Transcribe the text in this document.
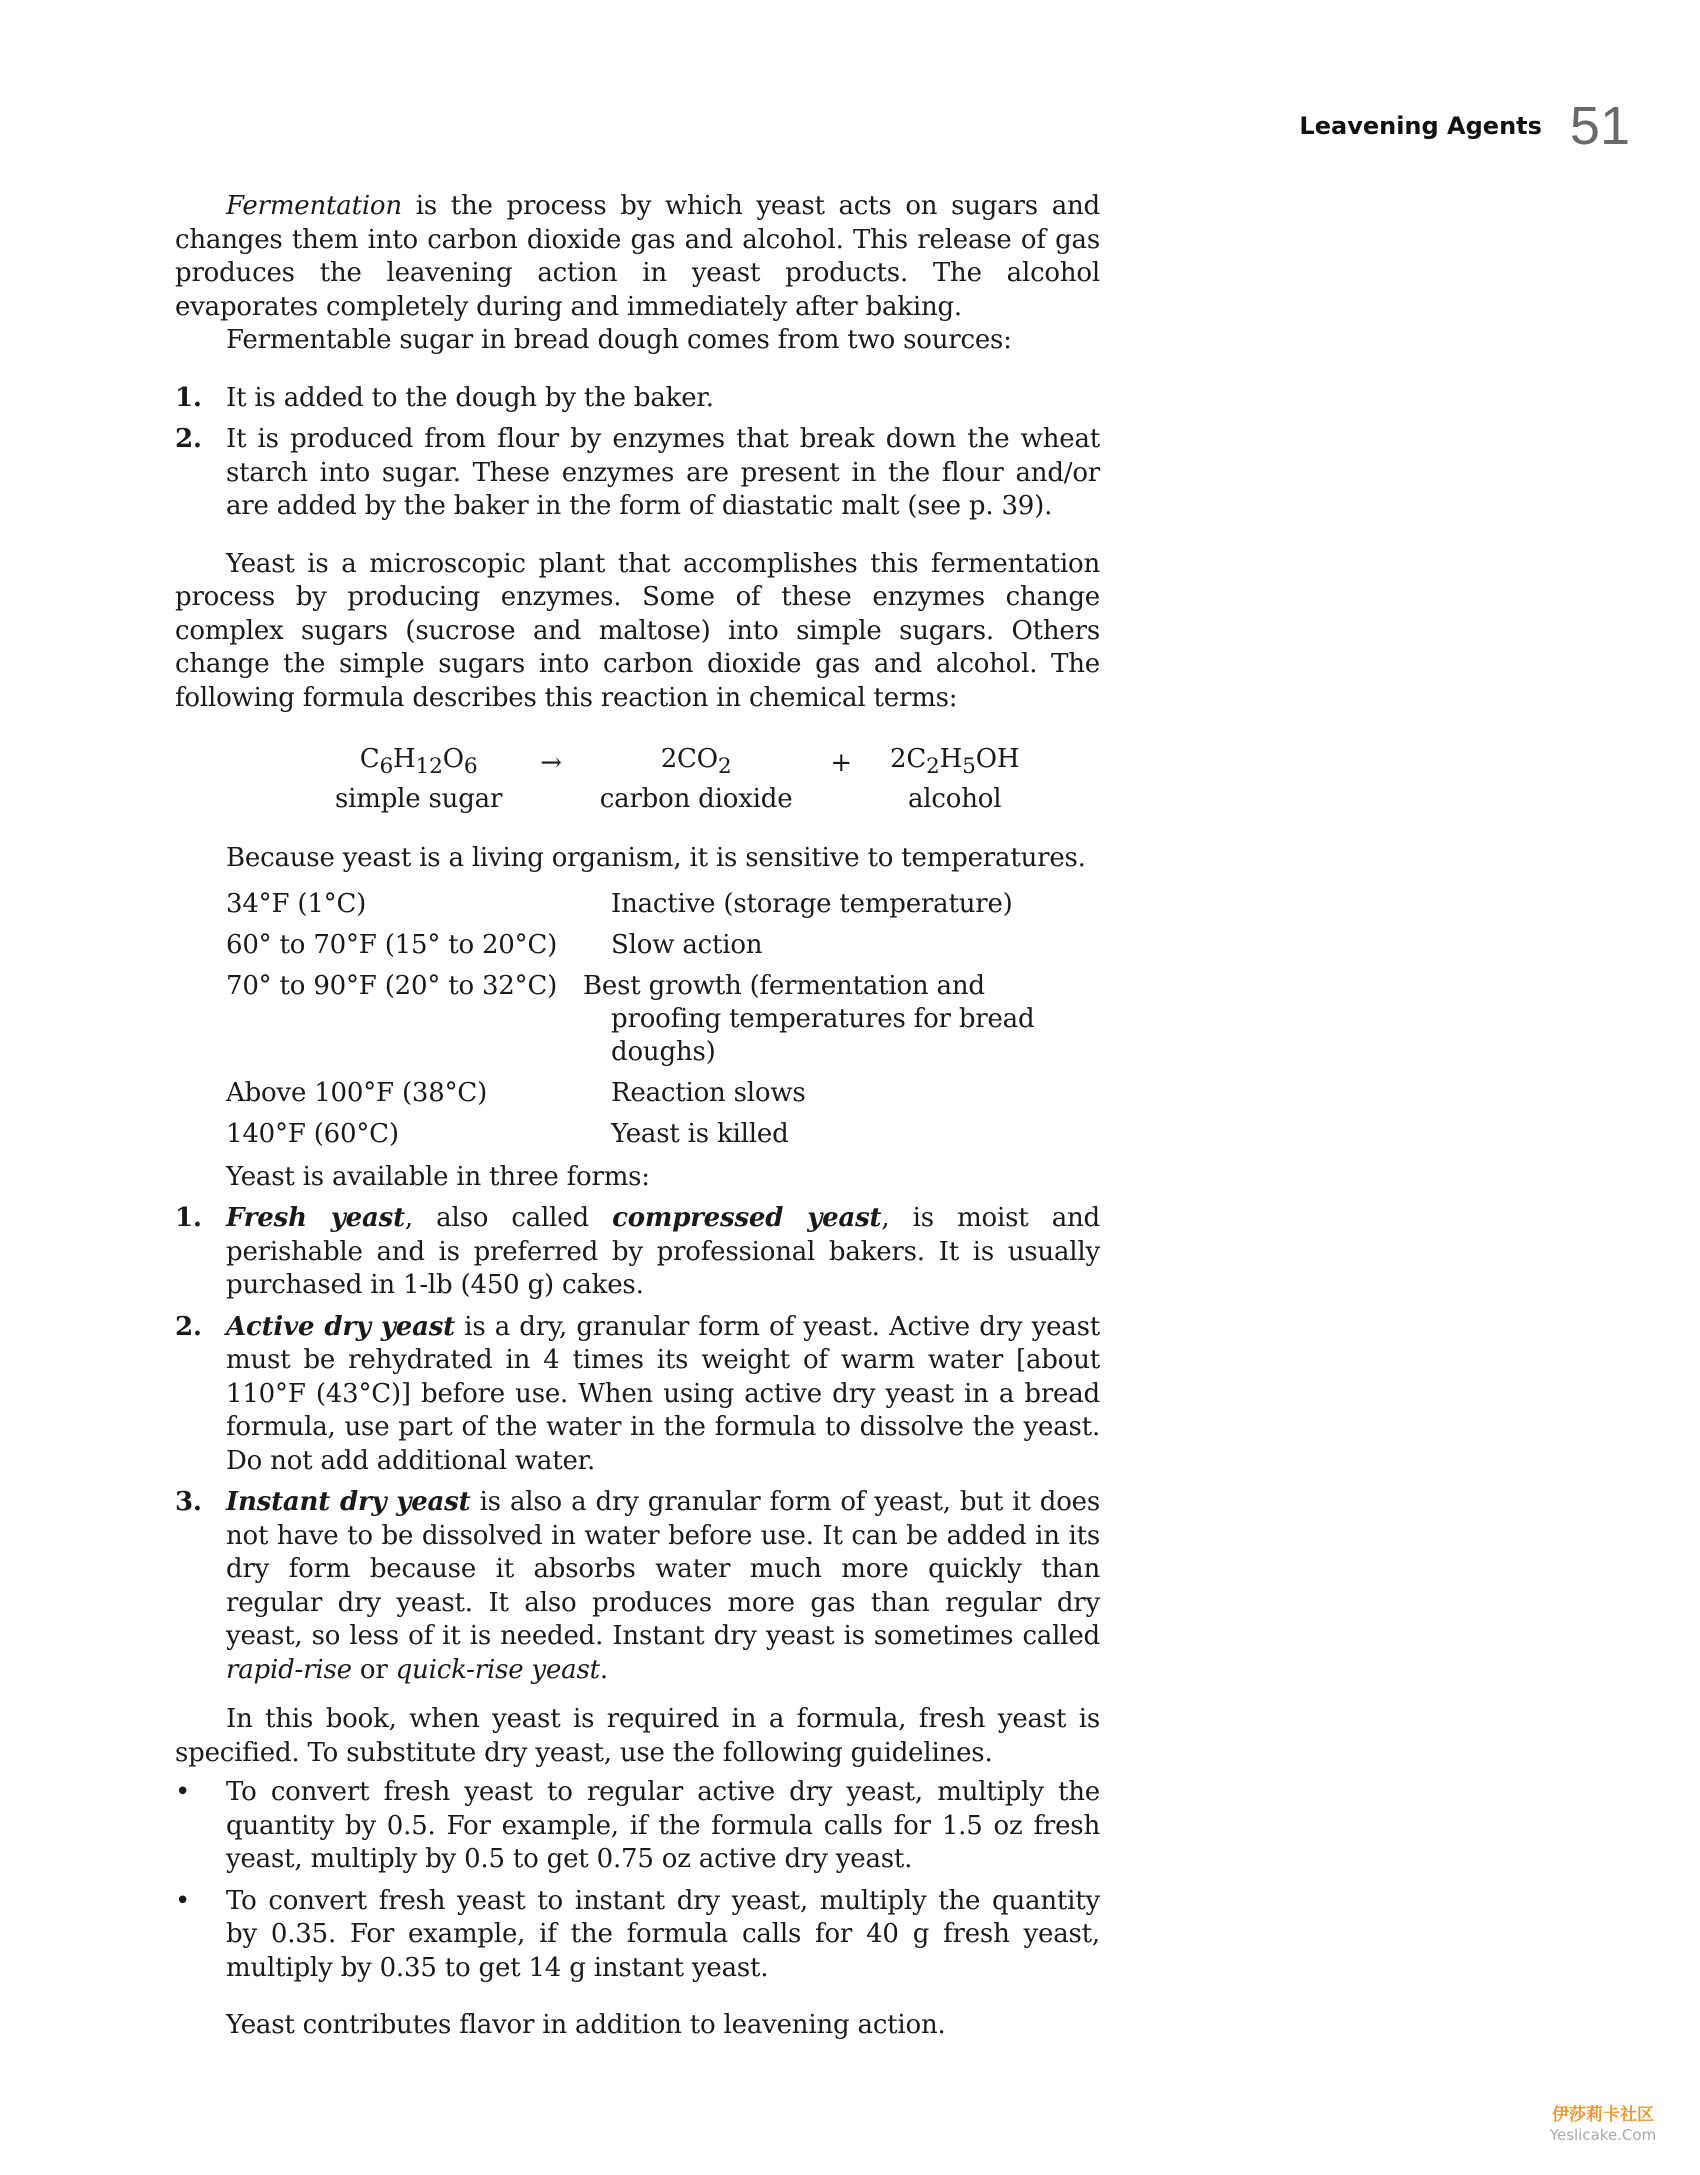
Leavening Agents 51

Fermentation is the process by which yeast acts on sugars and changes them into carbon dioxide gas and alcohol. This release of gas produces the leavening action in yeast products. The alcohol evaporates completely during and immediately after baking.

Fermentable sugar in bread dough comes from two sources:

1. It is added to the dough by the baker.
2. It is produced from flour by enzymes that break down the wheat starch into sugar. These enzymes are present in the flour and/or are added by the baker in the form of diastatic malt (see p. 39).

Yeast is a microscopic plant that accomplishes this fermentation process by producing enzymes. Some of these enzymes change complex sugars (sucrose and maltose) into simple sugars. Others change the simple sugars into carbon dioxide gas and alcohol. The following formula describes this reaction in chemical terms:

$C_6H_{12}O_6$	→	$2CO_2$	+	$2C_2H_5OH$
simple sugar		carbon dioxide		alcohol

Because yeast is a living organism, it is sensitive to temperatures.

34°F (1°C)	Inactive (storage temperature)
60° to 70°F (15° to 20°C)	Slow action
70° to 90°F (20° to 32°C)	Best growth (fermentation and proofing temperatures for bread doughs)
Above 100°F (38°C)	Reaction slows
140°F (60°C)	Yeast is killed

Yeast is available in three forms:

1. Fresh yeast, also called compressed yeast, is moist and perishable and is preferred by professional bakers. It is usually purchased in 1-lb (450 g) cakes.
2. Active dry yeast is a dry, granular form of yeast. Active dry yeast must be rehydrated in 4 times its weight of warm water [about 110°F (43°C)] before use. When using active dry yeast in a bread formula, use part of the water in the formula to dissolve the yeast. Do not add additional water.
3. Instant dry yeast is also a dry granular form of yeast, but it does not have to be dissolved in water before use. It can be added in its dry form because it absorbs water much more quickly than regular dry yeast. It also produces more gas than regular dry yeast, so less of it is needed. Instant dry yeast is sometimes called rapid-rise or quick-rise yeast.

In this book, when yeast is required in a formula, fresh yeast is specified. To substitute dry yeast, use the following guidelines.

•	To convert fresh yeast to regular active dry yeast, multiply the quantity by 0.5. For example, if the formula calls for 1.5 oz fresh yeast, multiply by 0.5 to get 0.75 oz active dry yeast.
•	To convert fresh yeast to instant dry yeast, multiply the quantity by 0.35. For example, if the formula calls for 40 g fresh yeast, multiply by 0.35 to get 14 g instant yeast.

Yeast contributes flavor in addition to leavening action.

伊莎莉卡社区
Yeslicake.Com
